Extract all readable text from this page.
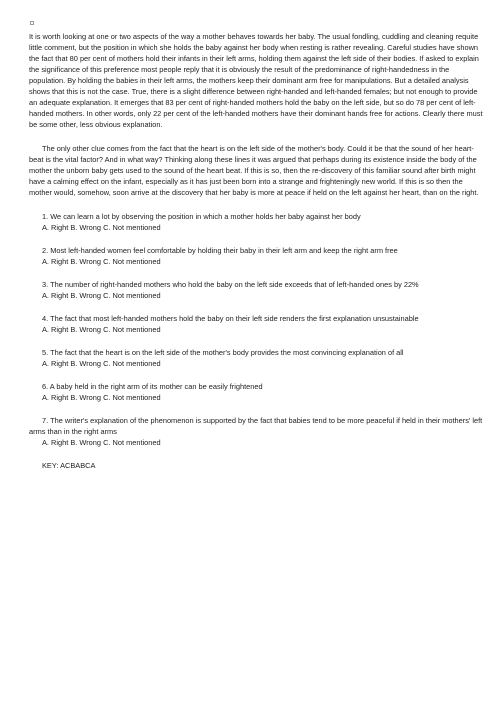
It is worth looking at one or two aspects of the way a mother behaves towards her baby. The usual fondling, cuddling and cleaning requite little comment, but the position in which she holds the baby against her body when resting is rather revealing. Careful studies have shown the fact that 80 per cent of mothers hold their infants in their left arms, holding them against the left side of their bodies. If asked to explain the significance of this preference most people reply that it is obviously the result of the predominance of right-handedness in the population. By holding the babies in their left arms, the mothers keep their dominant arm free for manipulations. But a detailed analysis shows that this is not the case. True, there is a slight difference between right-handed and left-handed females; but not enough to provide an adequate explanation. It emerges that 83 per cent of right-handed mothers hold the baby on the left side, but so do 78 per cent of left-handed mothers. In other words, only 22 per cent of the left-handed mothers have their dominant hands free for actions. Clearly there must be some other, less obvious explanation.

The only other clue comes from the fact that the heart is on the left side of the mother's body. Could it be that the sound of her heart-beat is the vital factor? And in what way? Thinking along these lines it was argued that perhaps during its existence inside the body of the mother the unborn baby gets used to the sound of the heart beat. If this is so, then the re-discovery of this familiar sound after birth might have a calming effect on the infant, especially as it has just been born into a strange and frighteningly new world. If this is so then the mother would, somehow, soon arrive at the discovery that her baby is more at peace if held on the left against her heart, than on the right.

1. We can learn a lot by observing the position in which a mother holds her baby against her body

A. Right B. Wrong C. Not mentioned

2. Most left-handed women feel comfortable by holding their baby in their left arm and keep the right arm free

A. Right B. Wrong C. Not mentioned

3. The number of right-handed mothers who hold the baby on the left side exceeds that of left-handed ones by 22%

A. Right B. Wrong C. Not mentioned

4. The fact that most left-handed mothers hold the baby on their left side renders the first explanation unsustainable

A. Right B. Wrong C. Not mentioned

5. The fact that the heart is on the left side of the mother's body provides the most convincing explanation of all

A. Right B. Wrong C. Not mentioned

6. A baby held in the right arm of its mother can be easily frightened

A. Right B. Wrong C. Not mentioned

7. The writer's explanation of the phenomenon is supported by the fact that babies tend to be more peaceful if held in their mothers' left arms than in the right arms

A. Right B. Wrong C. Not mentioned

KEY: ACBABCA
